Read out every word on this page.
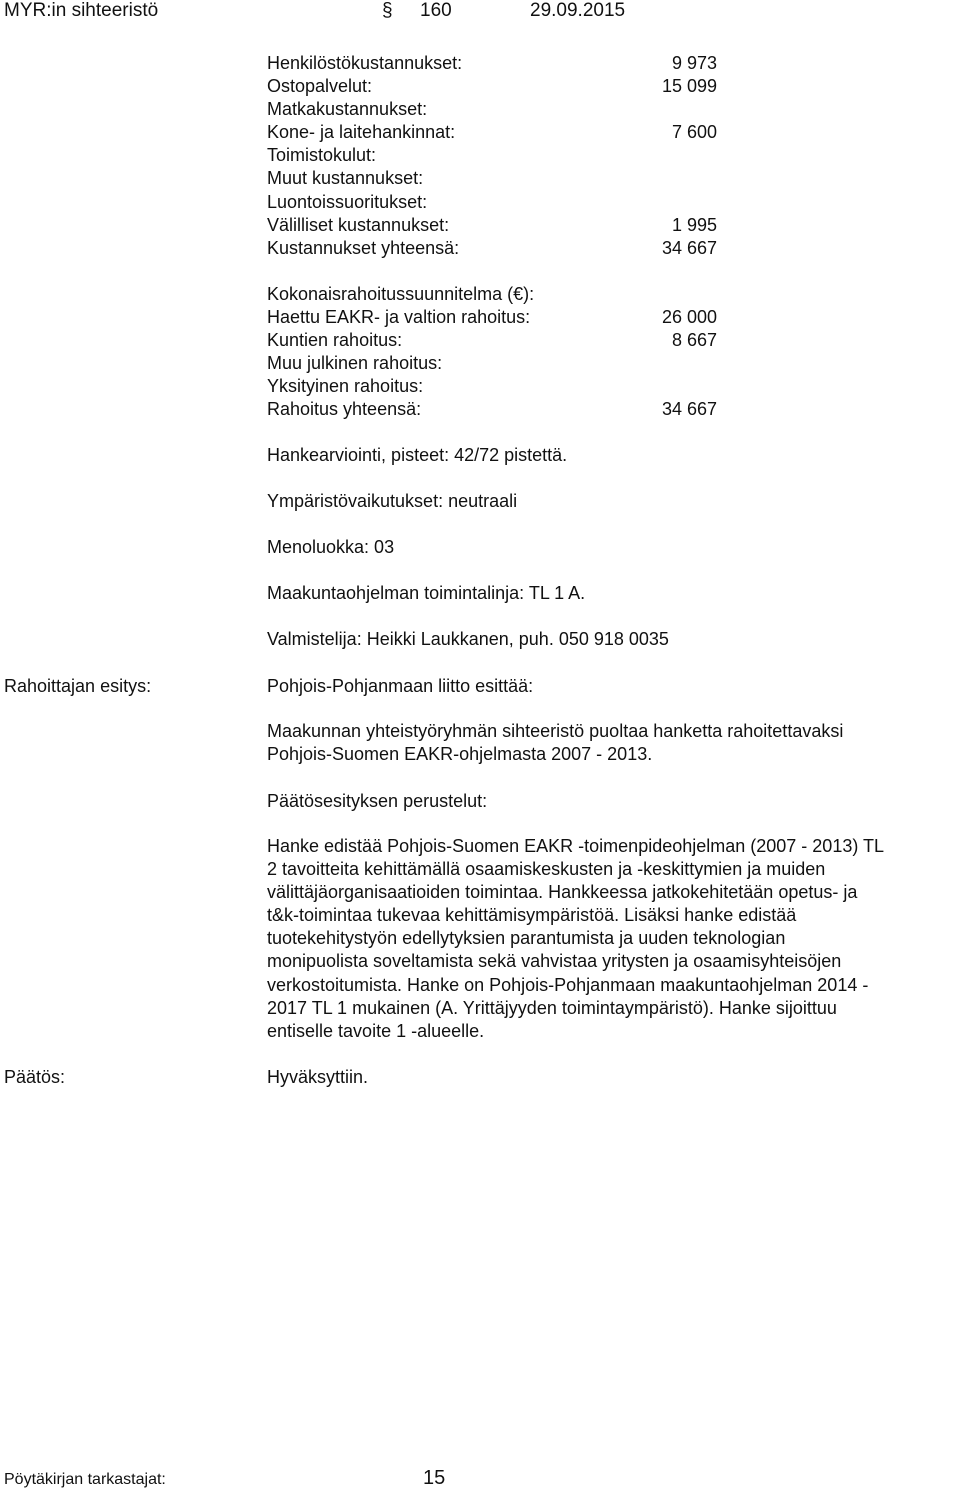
MYR:in sihteeristö	§ 160	29.09.2015
Henkilöstökustannukset:	9 973
Ostopalvelut:	15 099
Matkakustannukset:
Kone- ja laitehankinnat:	7 600
Toimistokulut:
Muut kustannukset:
Luontoissuoritukset:
Välilliset kustannukset:	1 995
Kustannukset yhteensä:	34 667
Kokonaisrahoitussuunnitelma (€):
Haettu EAKR- ja valtion rahoitus:	26 000
Kuntien rahoitus:	8 667
Muu julkinen rahoitus:
Yksityinen rahoitus:
Rahoitus yhteensä:	34 667
Hankearviointi, pisteet: 42/72 pistettä.
Ympäristövaikutukset: neutraali
Menoluokka: 03
Maakuntaohjelman toimintalinja: TL 1 A.
Valmistelija: Heikki Laukkanen, puh. 050 918 0035
Rahoittajan esitys:	Pohjois-Pohjanmaan liitto esittää:
Maakunnan yhteistyöryhmän sihteeristö puoltaa hanketta rahoitettavaksi
Pohjois-Suomen EAKR-ohjelmasta 2007 - 2013.
Päätösesityksen perustelut:
Hanke edistää Pohjois-Suomen EAKR -toimenpideohjelman (2007 - 2013) TL
2 tavoitteita kehittämällä osaamiskeskusten ja -keskittymien ja muiden
välittäjäorganisaatioiden toimintaa. Hankkeessa jatkokehitetään opetus- ja
t&k-toimintaa tukevaa kehittämisympäristöä. Lisäksi hanke edistää
tuotekehitystyön edellytyksien parantumista ja uuden teknologian
monipuolista soveltamista sekä vahvistaa yritysten ja osaamisyhteisöjen
verkostoitumista. Hanke on Pohjois-Pohjanmaan maakuntaohjelman 2014 -
2017 TL 1 mukainen (A. Yrittäjyyden toimintaympäristö). Hanke sijoittuu
entiselle tavoite 1 -alueelle.
Päätös:	Hyväksyttiin.
Pöytäkirjan tarkastajat:	15
